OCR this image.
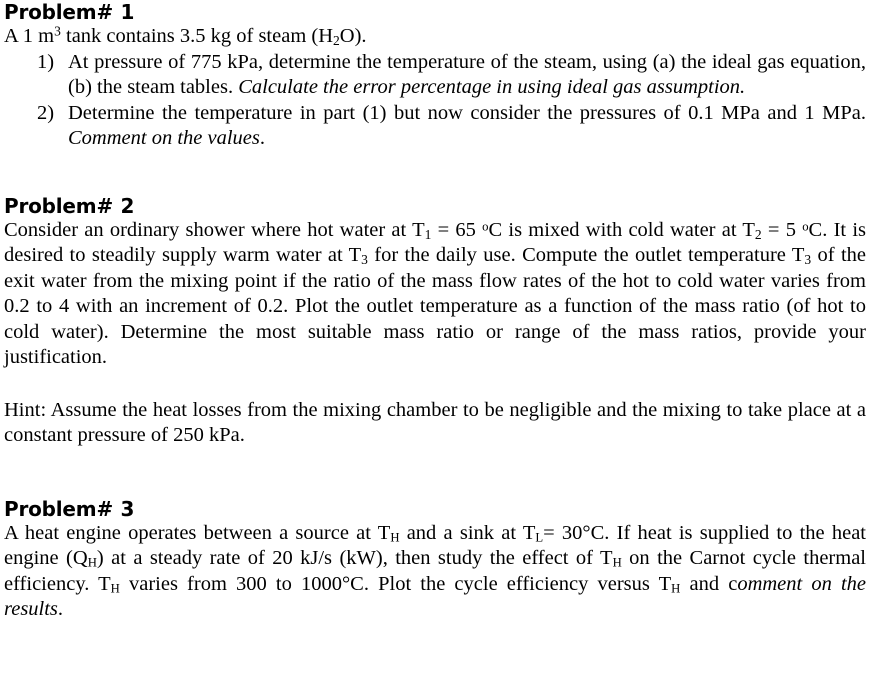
Problem# 1

A 1 $m^3$ tank contains 3.5 kg of steam $(H_2O)$.

1) At pressure of 775 kPa, determine the temperature of the steam, using (a) the ideal gas equation, (b) the steam tables. Calculate the error percentage in using ideal gas assumption.
2) Determine the temperature in part (1) but now consider the pressures of 0.1 MPa and 1 MPa. Comment on the values.
Problem# 2

Consider an ordinary shower where hot water at $T_1 = 65$ $^o$C is mixed with cold water at $T_2 = 5$ $^o$C. It is desired to steadily supply warm water at $T_3$ for the daily use. Compute the outlet temperature $T_3$ of the exit water from the mixing point if the ratio of the mass flow rates of the hot to cold water varies from 0.2 to 4 with an increment of 0.2. Plot the outlet temperature as a function of the mass ratio (of hot to cold water). Determine the most suitable mass ratio or range of the mass ratios, provide your justification.

Hint: Assume the heat losses from the mixing chamber to be negligible and the mixing to take place at a constant pressure of 250 kPa.

Problem# 3

A heat engine operates between a source at TH and a sink at TL= 30°C. If heat is supplied to the heat engine (QH) at a steady rate of 20 kJ/s (kW), then study the effect of TH on the Carnot cycle thermal efficiency. TH varies from 300 to 1000°C. Plot the cycle efficiency versus TH and comment on the results.
